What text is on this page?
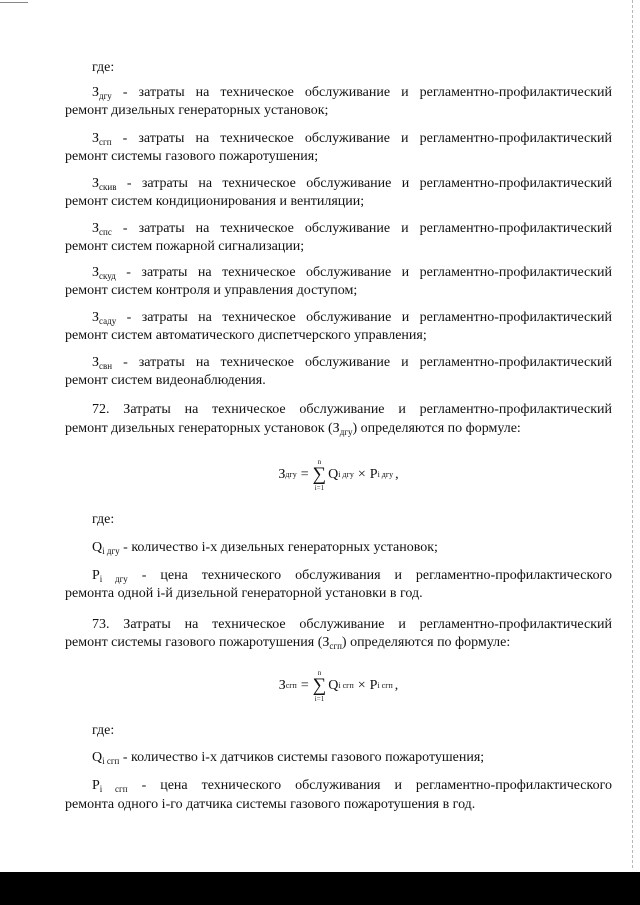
где:
$З_{дгу}$ - затраты на техническое обслуживание и регламентно-профилактический
ремонт дизельных генераторных установок;
$З_{сгп}$ - затраты на техническое обслуживание и регламентно-профилактический
ремонт системы газового пожаротушения;
$З_{скив}$ - затраты на техническое обслуживание и регламентно-профилактический
ремонт систем кондиционирования и вентиляции;
$З_{спс}$ - затраты на техническое обслуживание и регламентно-профилактический
ремонт систем пожарной сигнализации;
$З_{скуд}$ - затраты на техническое обслуживание и регламентно-профилактический
ремонт систем контроля и управления доступом;
$З_{саду}$ - затраты на техническое обслуживание и регламентно-профилактический
ремонт систем автоматического диспетчерского управления;
$З_{свн}$ - затраты на техническое обслуживание и регламентно-профилактический
ремонт систем видеонаблюдения.
72. Затраты на техническое обслуживание и регламентно-профилактический
ремонт дизельных генераторных установок $(З_{дгу})$ определяются по формуле:
З дгу =
n
∑
i=1
Q i дгу × P i дгу ,
где:
$Q_{i дгу}$ - количество i-х дизельных генераторных установок;
$P_{i дгу}$ - цена технического обслуживания и регламентно-профилактического
ремонта одной i-й дизельной генераторной установки в год.
73. Затраты на техническое обслуживание и регламентно-профилактический
ремонт системы газового пожаротушения $(З_{сгп})$ определяются по формуле:
З сгп =
n
∑
i=1
Q i сгп × P i сгп ,
где:
$Q_{i сгп}$ - количество i-х датчиков системы газового пожаротушения;
$P_{i сгп}$ - цена технического обслуживания и регламентно-профилактического
ремонта одного i-го датчика системы газового пожаротушения в год.
